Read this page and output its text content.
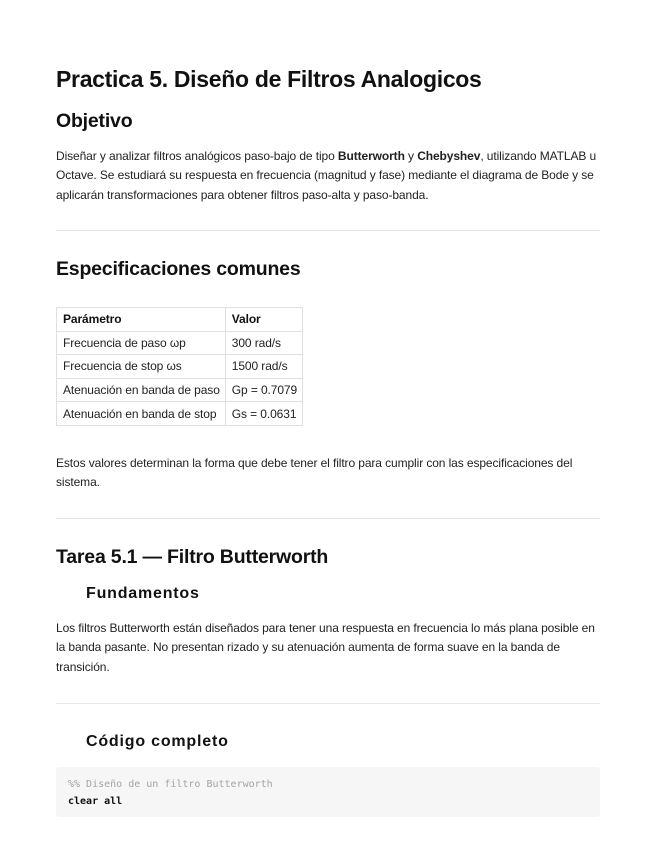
Practica 5. Diseño de Filtros Analogicos
Objetivo

Diseñar y analizar filtros analógicos paso-bajo de tipo Butterworth y Chebyshev, utilizando MATLAB u Octave. Se estudiará su respuesta en frecuencia (magnitud y fase) mediante el diagrama de Bode y se aplicarán transformaciones para obtener filtros paso-alta y paso-banda.

Especificaciones comunes
Parámetro	Valor
Frecuencia de paso ωp	300 rad/s
Frecuencia de stop ωs	1500 rad/s
Atenuación en banda de paso	Gp = 0.7079
Atenuación en banda de stop	Gs = 0.0631

Estos valores determinan la forma que debe tener el filtro para cumplir con las especificaciones del sistema.

Tarea 5.1 — Filtro Butterworth
Fundamentos

Los filtros Butterworth están diseñados para tener una respuesta en frecuencia lo más plana posible en la banda pasante. No presentan rizado y su atenuación aumenta de forma suave en la banda de transición.

Código completo
%% Diseño de un filtro Butterworth
clear all
